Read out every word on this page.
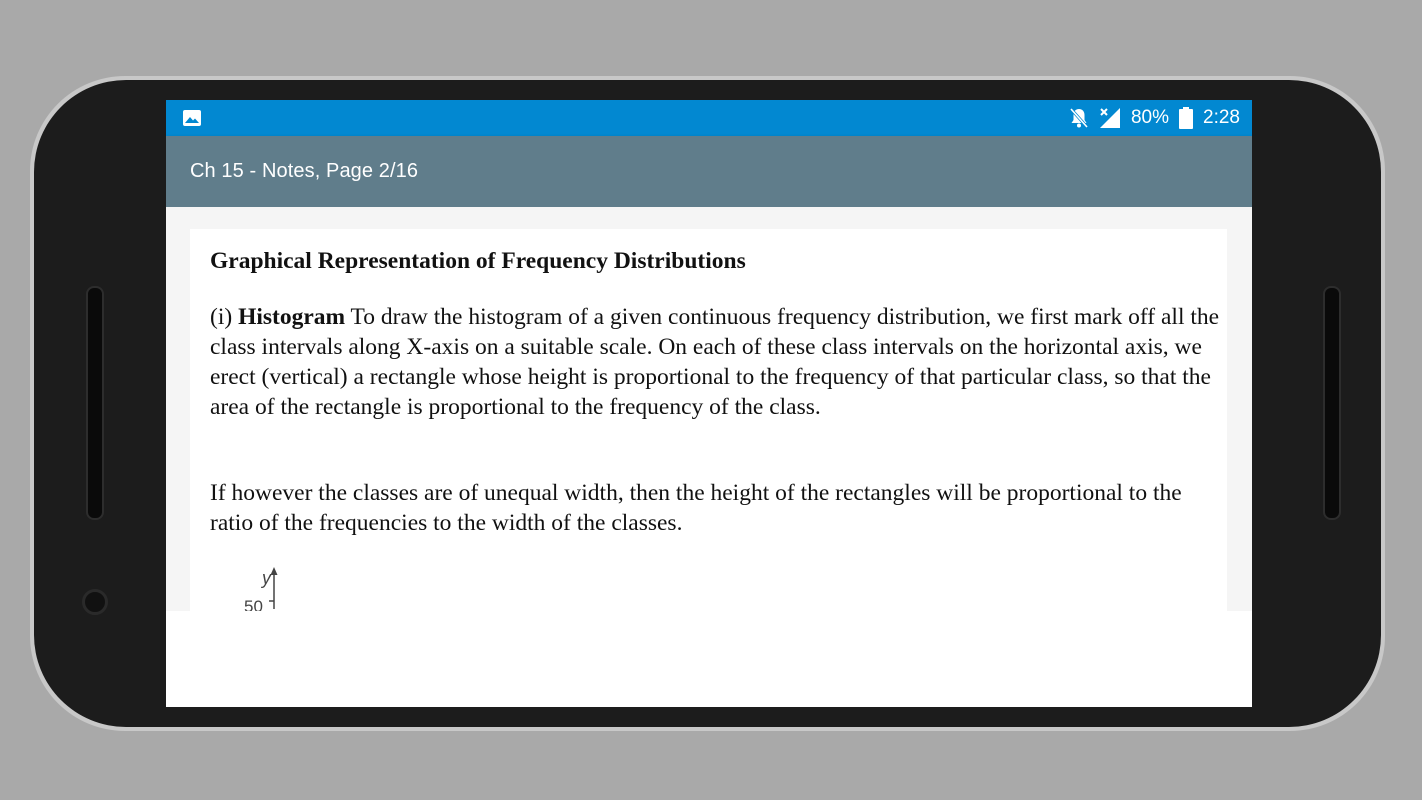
80% 2:28
Ch 15 - Notes, Page 2/16
Graphical Representation of Frequency Distributions

(i) Histogram To draw the histogram of a given continuous frequency distribution, we first mark off all the class intervals along X-axis on a suitable scale. On each of these class intervals on the horizontal axis, we erect (vertical) a rectangle whose height is proportional to the frequency of that particular class, so that the area of the rectangle is proportional to the frequency of the class.

If however the classes are of unequal width, then the height of the rectangles will be proportional to the ratio of the frequencies to the width of the classes.

y
50
